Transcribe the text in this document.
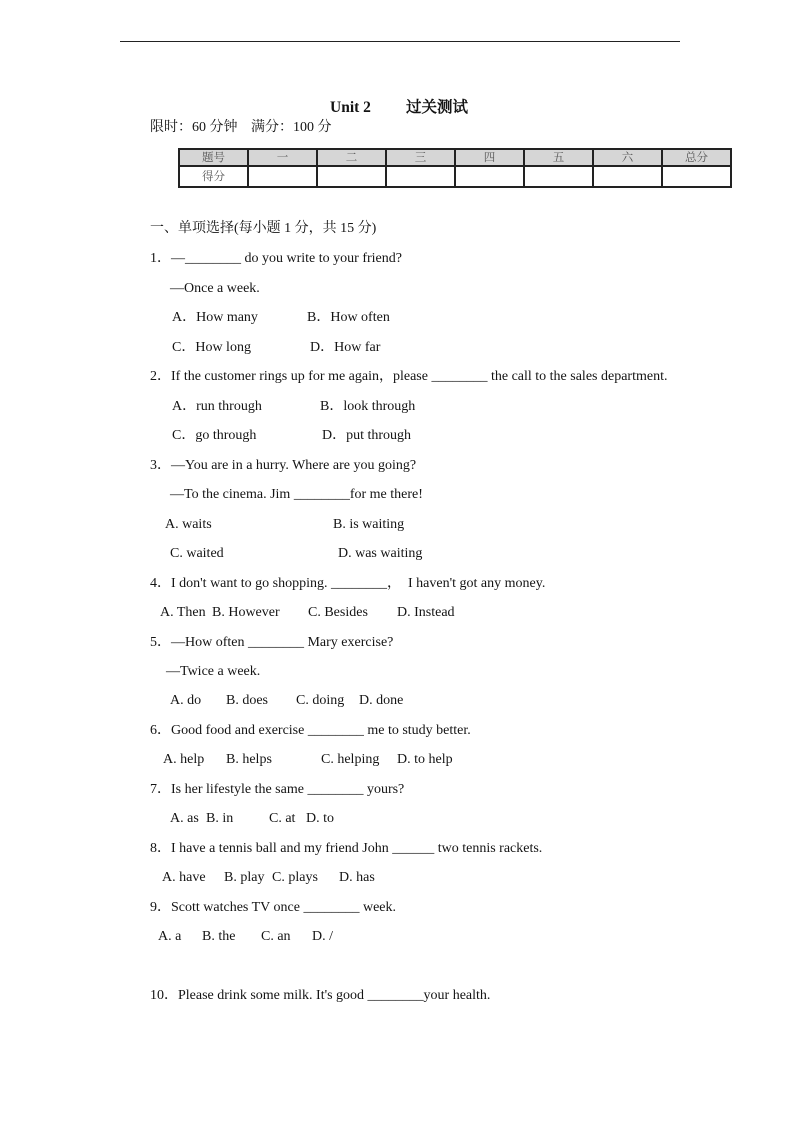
Unit 2 过关测试
限时：60 分钟 满分：100 分
题号	一	二	三	四	五	六	总分
得分							
一、单项选择(每小题 1 分，共 15 分)
1．—________ do you write to your friend?
—Once a week.
A．How many	B．How often
C．How long	D．How far
2．If the customer rings up for me again，please ________ the call to the sales department.
A．run through	B．look through
C．go through	D．put through
3．—You are in a hurry. Where are you going?
—To the cinema. Jim ________for me there!
A. waits	B. is waiting
C. waited	D. was waiting
4．I don't want to go shopping. ________，  I haven't got any money.
A. Then B. However C. Besides D. Instead
5．—How often ________ Mary exercise?
—Twice a week.
A. do B. does C. doing D. done
6．Good food and exercise ________ me to study better.
A. help B. helps	C. helping D. to help
7．Is her lifestyle the same ________ yours?
A. as B. in	C. at D. to
8．I have a tennis ball and my friend John ______ two tennis rackets.
A. have B. play C. plays D. has
9．Scott watches TV once ________ week.
A. a B. the C. an D. /
10．Please drink some milk. It's good ________your health.
